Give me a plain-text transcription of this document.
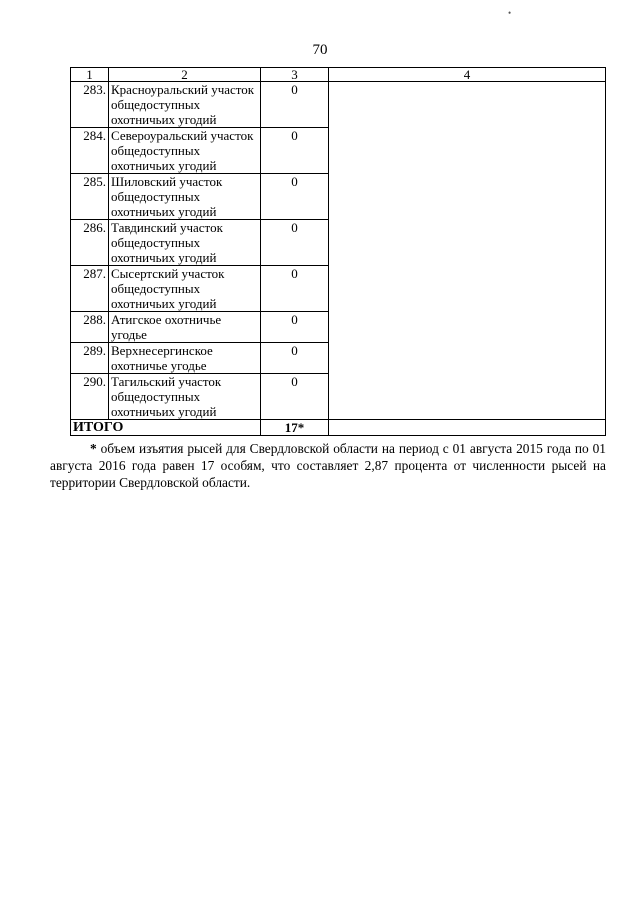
•
70
1	2	3	4
283.	Красноуральский участок
общедоступных
охотничьих угодий	0	
284.	Североуральский участок
общедоступных
охотничьих угодий	0	
285.	Шиловский участок
общедоступных
охотничьих угодий	0	
286.	Тавдинский участок
общедоступных
охотничьих угодий	0	
287.	Сысертский участок
общедоступных
охотничьих угодий	0	
288.	Атигское охотничье
угодье	0	
289.	Верхнесергинское
охотничье угодье	0	
290.	Тагильский участок
общедоступных
охотничьих угодий	0	
ИТОГО		17*	
* объем изъятия рысей для Свердловской области на период с 01 августа 2015 года по 01 августа 2016 года равен 17 особям, что составляет 2,87 процента от численности рысей на территории Свердловской области.
